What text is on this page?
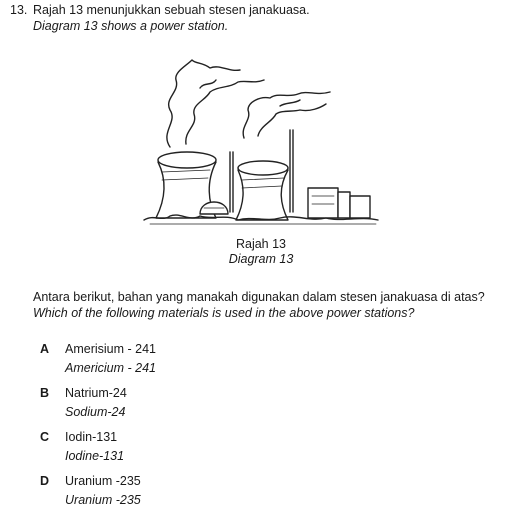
13. Rajah 13 menunjukkan sebuah stesen janakuasa.
Diagram 13 shows a power station.
Rajah 13
Diagram 13
Antara berikut, bahan yang manakah digunakan dalam stesen janakuasa di atas?
Which of the following materials is used in the above power stations?
A Amerisium - 241
Americium - 241
B Natrium-24
Sodium-24
C Iodin-131
Iodine-131
D Uranium -235
Uranium -235
